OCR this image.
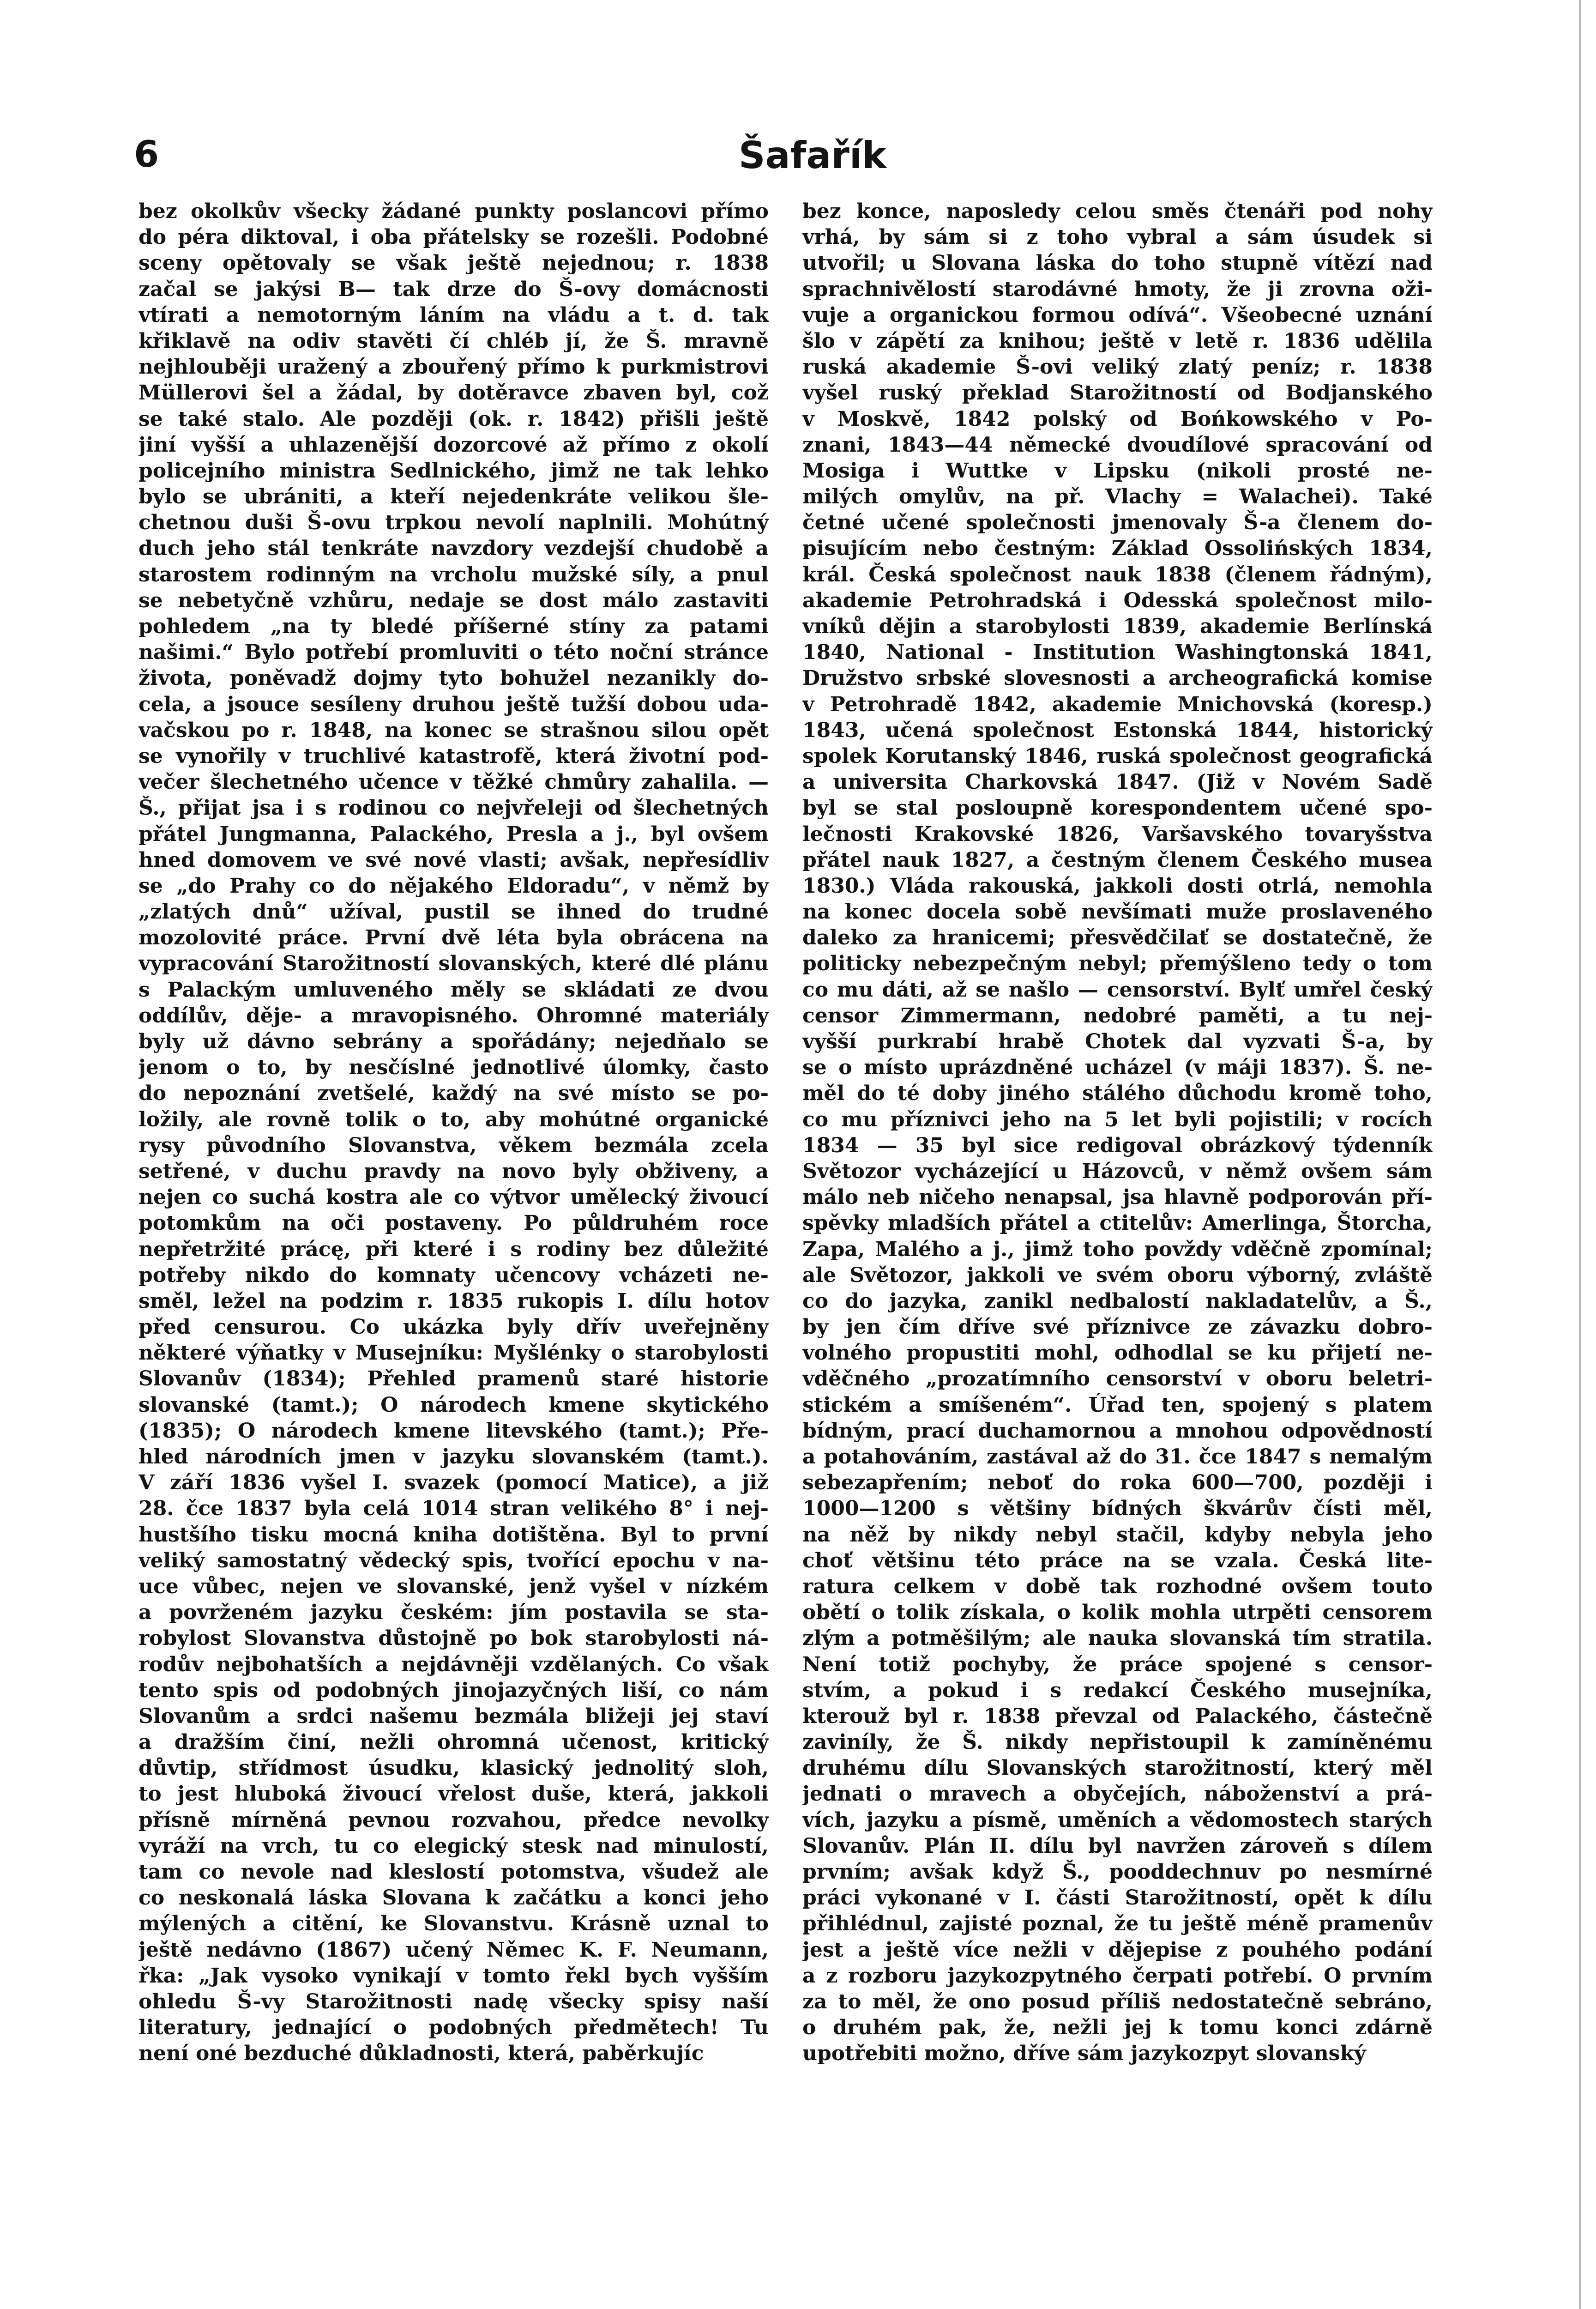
6	Šafařík
bez okolkův všecky žádané punkty poslancovi přímo
do péra diktoval, i oba přátelsky se rozešli. Podobné
sceny opětovaly se však ještě nejednou; r. 1838
začal se jakýsi B— tak drze do Š-ovy domácnosti
vtírati a nemotorným láním na vládu a t. d. tak
křiklavě na odiv stavěti čí chléb jí, že Š. mravně
nejhlouběji uražený a zbouřený přímo k purkmistrovi
Müllerovi šel a žádal, by dotěravce zbaven byl, což
se také stalo. Ale později (ok. r. 1842) přišli ještě
jiní vyšší a uhlazenější dozorcové až přímo z okolí
policejního ministra Sedlnického, jimž ne tak lehko
bylo se ubrániti, a kteří nejedenkráte velikou šle-
chetnou duši Š-ovu trpkou nevolí naplnili. Mohútný
duch jeho stál tenkráte navzdory vezdejší chudobě a
starostem rodinným na vrcholu mužské síly, a pnul
se nebetyčně vzhůru, nedaje se dost málo zastaviti
pohledem „na ty bledé příšerné stíny za patami
našimi.“ Bylo potřebí promluviti o této noční stránce
života, poněvadž dojmy tyto bohužel nezanikly do-
cela, a jsouce sesíleny druhou ještě tužší dobou uda-
vačskou po r. 1848, na konec se strašnou silou opět
se vynořily v truchlivé katastrofě, která životní pod-
večer šlechetného učence v těžké chmůry zahalila. —
Š., přijat jsa i s rodinou co nejvřeleji od šlechetných
přátel Jungmanna, Palackého, Presla a j., byl ovšem
hned domovem ve své nové vlasti; avšak, nepřesídliv
se „do Prahy co do nějakého Eldoradu“, v němž by
„zlatých dnů“ užíval, pustil se ihned do trudné
mozolovité práce. První dvě léta byla obrácena na
vypracování Starožitností slovanských, které dlé plánu
s Palackým umluveného měly se skládati ze dvou
oddílův, děje- a mravopisného. Ohromné materiály
byly už dávno sebrány a spořádány; nejedňalo se
jenom o to, by nesčíslné jednotlivé úlomky, často
do nepoznání zvetšelé, každý na své místo se po-
ložily, ale rovně tolik o to, aby mohútné organické
rysy původního Slovanstva, věkem bezmála zcela
setřené, v duchu pravdy na novo byly obživeny, a
nejen co suchá kostra ale co výtvor umělecký živoucí
potomkům na oči postaveny. Po půldruhém roce
nepřetržité prácę, při které i s rodiny bez důležité
potřeby nikdo do komnaty učencovy vcházeti ne-
směl, ležel na podzim r. 1835 rukopis I. dílu hotov
před censurou. Co ukázka byly dřív uveřejněny
některé výňatky v Musejníku: Myšlénky o starobylosti
Slovanův (1834); Přehled pramenů staré historie
slovanské (tamt.); O národech kmene skytického
(1835); O národech kmene litevského (tamt.); Pře-
hled národních jmen v jazyku slovanském (tamt.).
V září 1836 vyšel I. svazek (pomocí Matice), a již
28. čce 1837 byla celá 1014 stran velikého 8° i nej-
hustšího tisku mocná kniha dotištěna. Byl to první
veliký samostatný vědecký spis, tvořící epochu v na-
uce vůbec, nejen ve slovanské, jenž vyšel v nízkém
a povrženém jazyku českém: jím postavila se sta-
robylost Slovanstva důstojně po bok starobylosti ná-
rodův nejbohatších a nejdávněji vzdělaných. Co však
tento spis od podobných jinojazyčných liší, co nám
Slovanům a srdci našemu bezmála bližeji jej staví
a dražším činí, nežli ohromná učenost, kritický
důvtip, střídmost úsudku, klasický jednolitý sloh,
to jest hluboká živoucí vřelost duše, která, jakkoli
přísně mírněná pevnou rozvahou, předce nevolky
vyráží na vrch, tu co elegický stesk nad minulostí,
tam co nevole nad kleslostí potomstva, všudež ale
co neskonalá láska Slovana k začátku a konci jeho
mýlených a citění, ke Slovanstvu. Krásně uznal to
ještě nedávno (1867) učený Němec K. F. Neumann,
řka: „Jak vysoko vynikají v tomto řekl bych vyšším
ohledu Š-vy Starožitnosti nadę všecky spisy naší
literatury, jednající o podobných předmětech! Tu
není oné bezduché důkladnosti, která, paběrkujíc
bez konce, naposledy celou směs čtenáři pod nohy
vrhá, by sám si z toho vybral a sám úsudek si
utvořil; u Slovana láska do toho stupně vítězí nad
sprachnivělostí starodávné hmoty, že ji zrovna oži-
vuje a organickou formou odívá“. Všeobecné uznání
šlo v zápětí za knihou; ještě v letě r. 1836 udělila
ruská akademie Š-ovi veliký zlatý peníz; r. 1838
vyšel ruský překlad Starožitností od Bodjanského
v Moskvě, 1842 polský od Bońkowského v Po-
znani, 1843—44 německé dvoudílové spracování od
Mosiga i Wuttke v Lipsku (nikoli prosté ne-
milých omylův, na př. Vlachy = Walachei). Také
četné učené společnosti jmenovaly Š-a členem do-
pisujícím nebo čestným: Základ Ossolińských 1834,
král. Česká společnost nauk 1838 (členem řádným),
akademie Petrohradská i Odesská společnost milo-
vníků dějin a starobylosti 1839, akademie Berlínská
1840, National - Institution Washingtonská 1841,
Družstvo srbské slovesnosti a archeografická komise
v Petrohradě 1842, akademie Mnichovská (koresp.)
1843, učená společnost Estonská 1844, historický
spolek Korutanský 1846, ruská společnost geografická
a universita Charkovská 1847. (Již v Novém Sadě
byl se stal posloupně korespondentem učené spo-
lečnosti Krakovské 1826, Varšavského tovaryšstva
přátel nauk 1827, a čestným členem Českého musea
1830.) Vláda rakouská, jakkoli dosti otrlá, nemohla
na konec docela sobě nevšímati muže proslaveného
daleko za hranicemi; přesvědčilať se dostatečně, že
politicky nebezpečným nebyl; přemýšleno tedy o tom
co mu dáti, až se našlo — censorství. Bylť umřel český
censor Zimmermann, nedobré paměti, a tu nej-
vyšší purkrabí hrabě Chotek dal vyzvati Š-a, by
se o místo uprázdněné ucházel (v máji 1837). Š. ne-
měl do té doby jiného stálého důchodu kromě toho,
co mu příznivci jeho na 5 let byli pojistili; v rocích
1834 — 35 byl sice redigoval obrázkový týdenník
Světozor vycházející u Házovců, v němž ovšem sám
málo neb ničeho nenapsal, jsa hlavně podporován pří-
spěvky mladších přátel a ctitelův: Amerlinga, Štorcha,
Zapa, Malého a j., jimž toho povždy vděčně zpomínal;
ale Světozor, jakkoli ve svém oboru výborný, zvláště
co do jazyka, zanikl nedbalostí nakladatelův, a Š.,
by jen čím dříve své příznivce ze závazku dobro-
volného propustiti mohl, odhodlal se ku přijetí ne-
vděčného „prozatímního censorství v oboru beletri-
stickém a smíšeném“. Úřad ten, spojený s platem
bídným, prací duchamornou a mnohou odpovědností
a potahováním, zastával až do 31. čce 1847 s nemalým
sebezapřením; neboť do roka 600—700, později i
1000—1200 s většiny bídných škvárův čísti měl,
na něž by nikdy nebyl stačil, kdyby nebyla jeho
choť většinu této práce na se vzala. Česká lite-
ratura celkem v době tak rozhodné ovšem touto
obětí o tolik získala, o kolik mohla utrpěti censorem
zlým a potměšilým; ale nauka slovanská tím stratila.
Není totiž pochyby, že práce spojené s censor-
stvím, a pokud i s redakcí Českého musejníka,
kterouž byl r. 1838 převzal od Palackého, částečně
zaviníly, že Š. nikdy nepřistoupil k zamíněnému
druhému dílu Slovanských starožitností, který měl
jednati o mravech a obyčejích, náboženství a prá-
vích, jazyku a písmě, uměních a vědomostech starých
Slovanův. Plán II. dílu byl navržen zároveň s dílem
prvním; avšak když Š., pooddechnuv po nesmírné
práci vykonané v I. části Starožitností, opět k dílu
přihlédnul, zajisté poznal, že tu ještě méně pramenův
jest a ještě více nežli v dějepise z pouhého podání
a z rozboru jazykozpytného čerpati potřebí. O prvním
za to měl, že ono posud příliš nedostatečně sebráno,
o druhém pak, že, nežli jej k tomu konci zdárně
upotřebiti možno, dříve sám jazykozpyt slovanský
